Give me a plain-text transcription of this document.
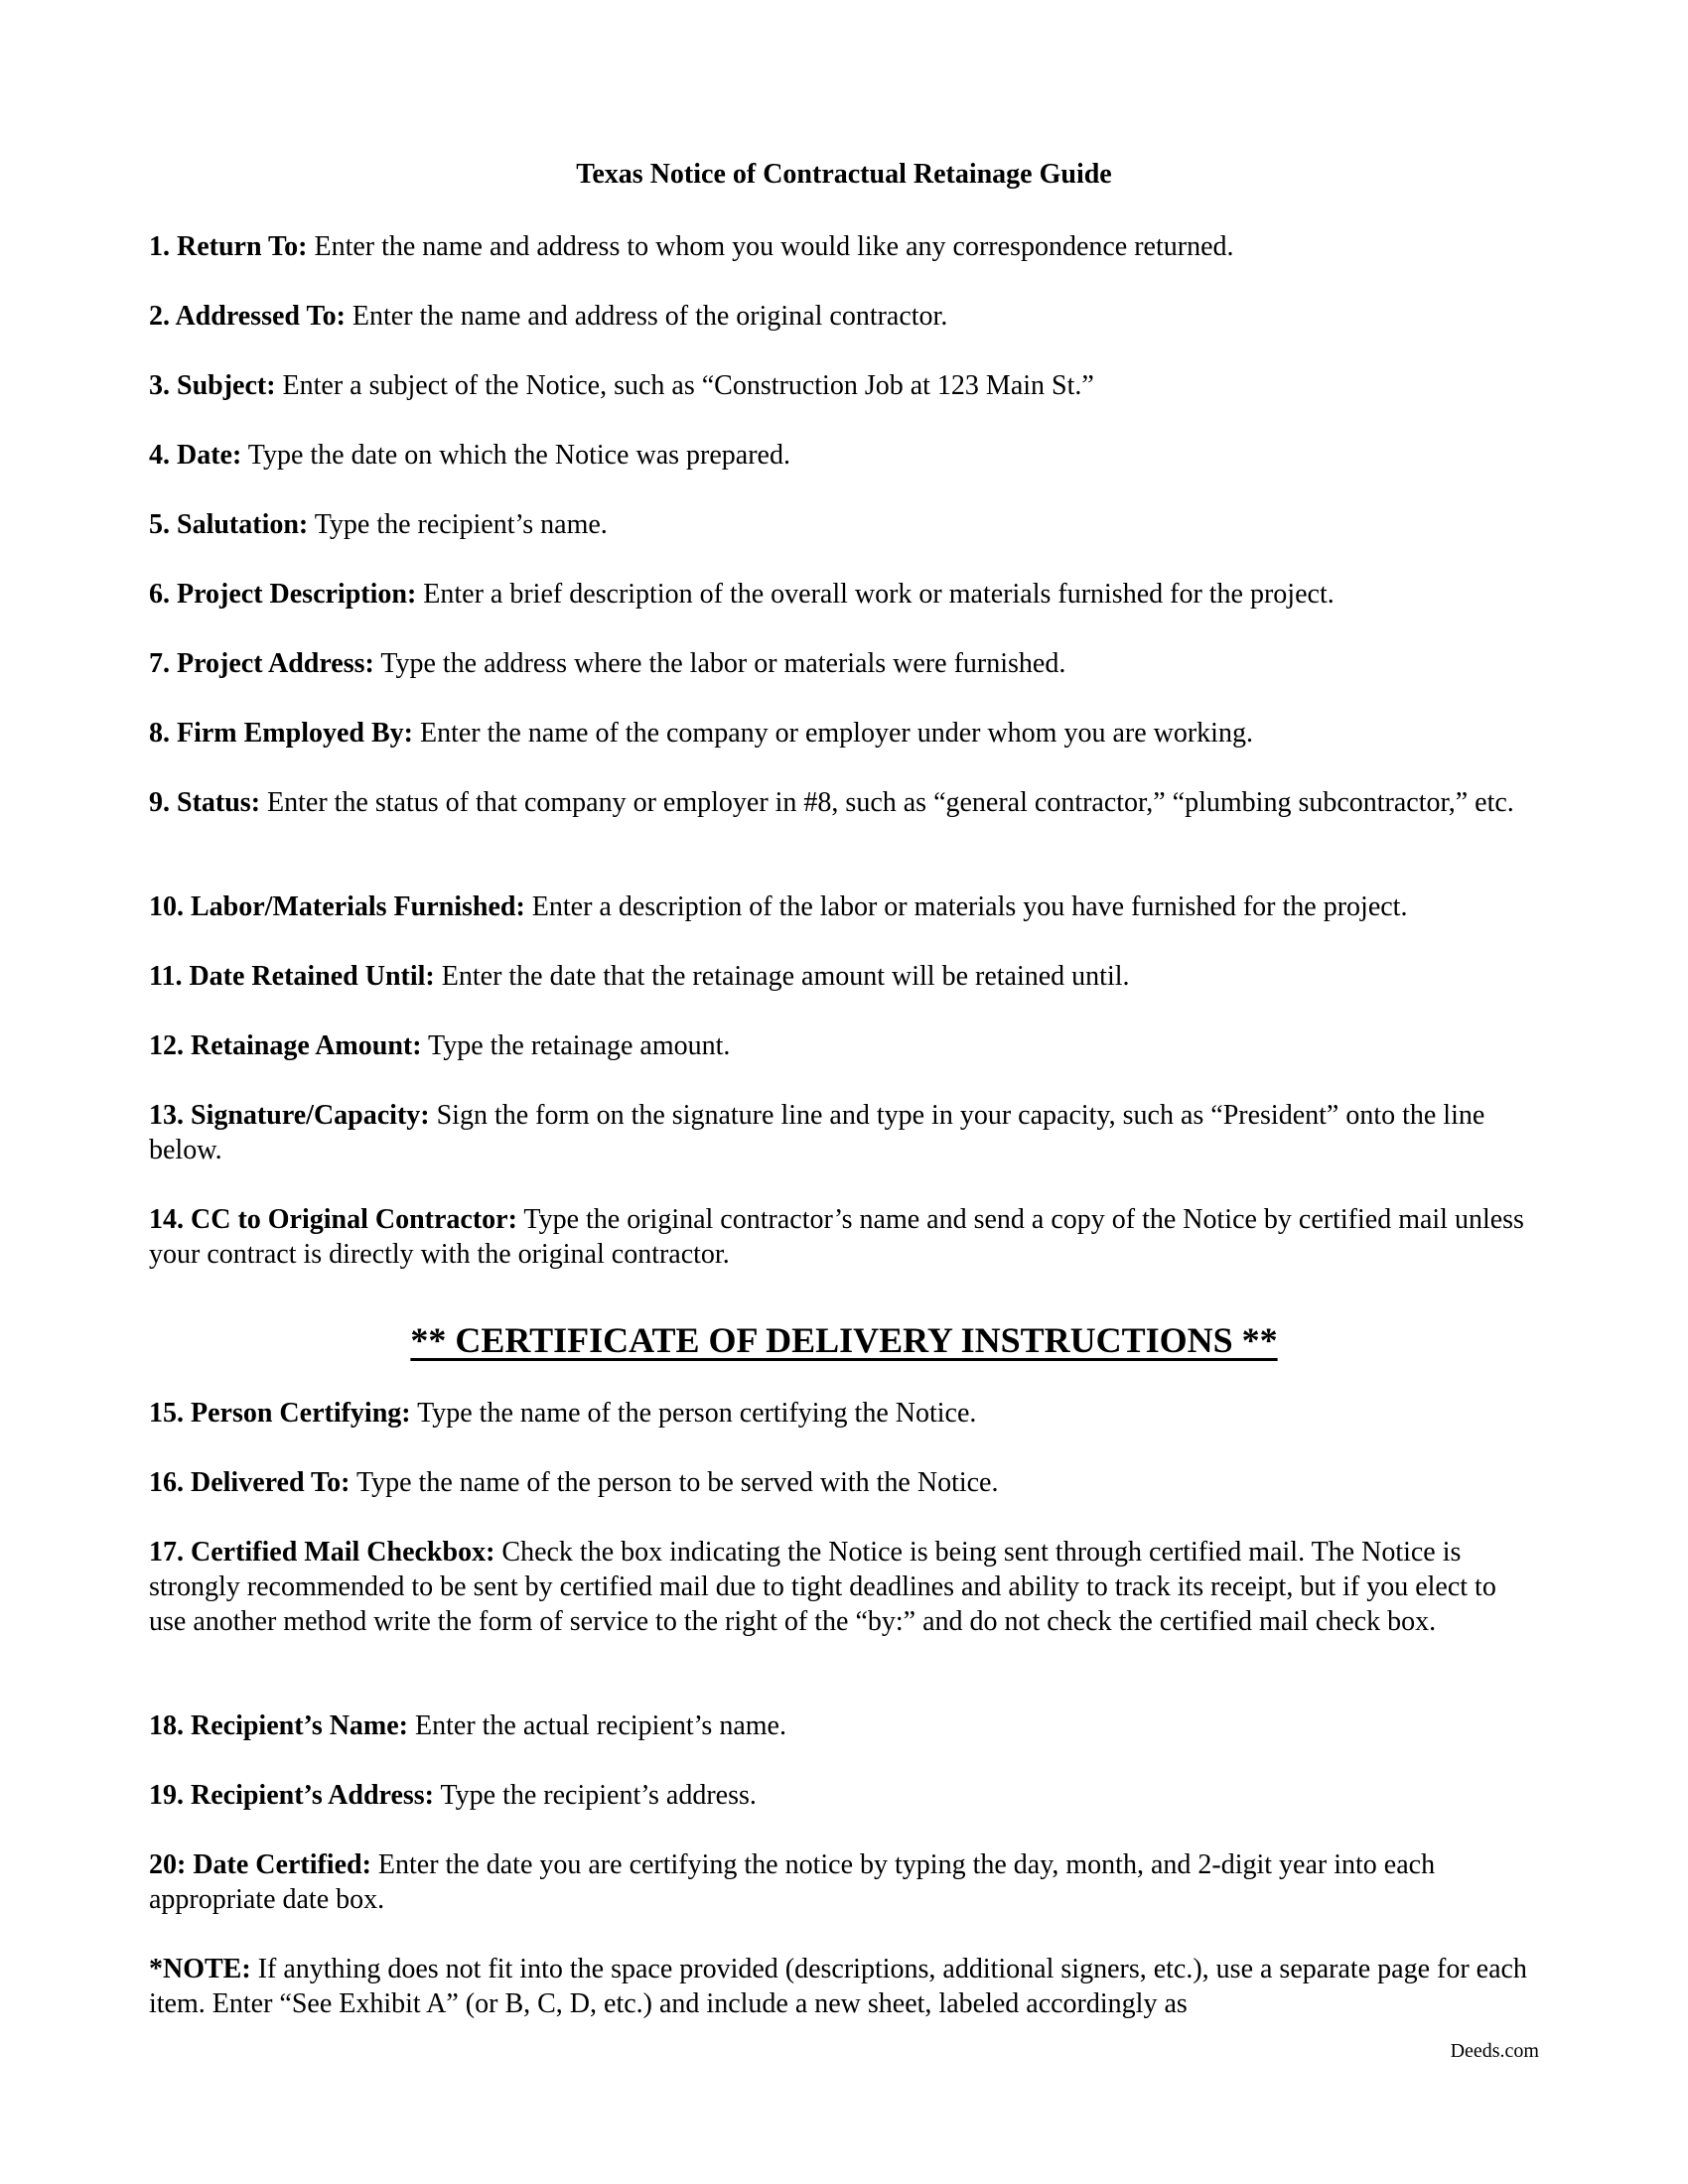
Texas Notice of Contractual Retainage Guide

1. Return To: Enter the name and address to whom you would like any correspondence returned.

2. Addressed To: Enter the name and address of the original contractor.

3. Subject: Enter a subject of the Notice, such as “Construction Job at 123 Main St.”

4. Date: Type the date on which the Notice was prepared.

5. Salutation: Type the recipient’s name.

6. Project Description: Enter a brief description of the overall work or materials furnished for the project.

7. Project Address: Type the address where the labor or materials were furnished.

8. Firm Employed By: Enter the name of the company or employer under whom you are working.

9. Status: Enter the status of that company or employer in #8, such as “general contractor,” “plumbing subcontractor,” etc.

10. Labor/Materials Furnished: Enter a description of the labor or materials you have furnished for the project.

11. Date Retained Until: Enter the date that the retainage amount will be retained until.

12. Retainage Amount: Type the retainage amount.

13. Signature/Capacity: Sign the form on the signature line and type in your capacity, such as “President” onto the line below.

14. CC to Original Contractor: Type the original contractor’s name and send a copy of the Notice by certified mail unless your contract is directly with the original contractor.

** CERTIFICATE OF DELIVERY INSTRUCTIONS **

15. Person Certifying: Type the name of the person certifying the Notice.

16. Delivered To: Type the name of the person to be served with the Notice.

17. Certified Mail Checkbox: Check the box indicating the Notice is being sent through certified mail. The Notice is strongly recommended to be sent by certified mail due to tight deadlines and ability to track its receipt, but if you elect to use another method write the form of service to the right of the “by:” and do not check the certified mail check box.

18. Recipient’s Name: Enter the actual recipient’s name.

19. Recipient’s Address: Type the recipient’s address.

20: Date Certified: Enter the date you are certifying the notice by typing the day, month, and 2-digit year into each appropriate date box.

*NOTE: If anything does not fit into the space provided (descriptions, additional signers, etc.), use a separate page for each item. Enter “See Exhibit A” (or B, C, D, etc.) and include a new sheet, labeled accordingly as

Deeds.com
